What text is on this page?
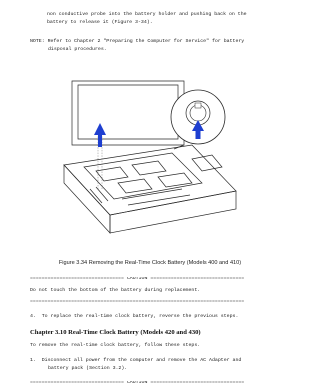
non conductive probe into the battery holder and pushing back on the
battery to release it (Figure 3-34).
NOTE: Refer to Chapter 2 "Preparing the Computer for Service" for battery
disposal procedures.
Figure 3.34 Removing the Real-Time Clock Battery (Models 400 and 410)
================================ CAUTION ================================
Do not touch the bottom of the battery during replacement.
=========================================================================
4.  To replace the real-time clock battery, reverse the previous steps.
Chapter 3.10 Real-Time Clock Battery (Models 420 and 430)
To remove the real-time clock battery, follow these steps.
1.  Disconnect all power from the computer and remove the AC Adapter and
battery pack (Section 3.2).
================================ CAUTION ================================
